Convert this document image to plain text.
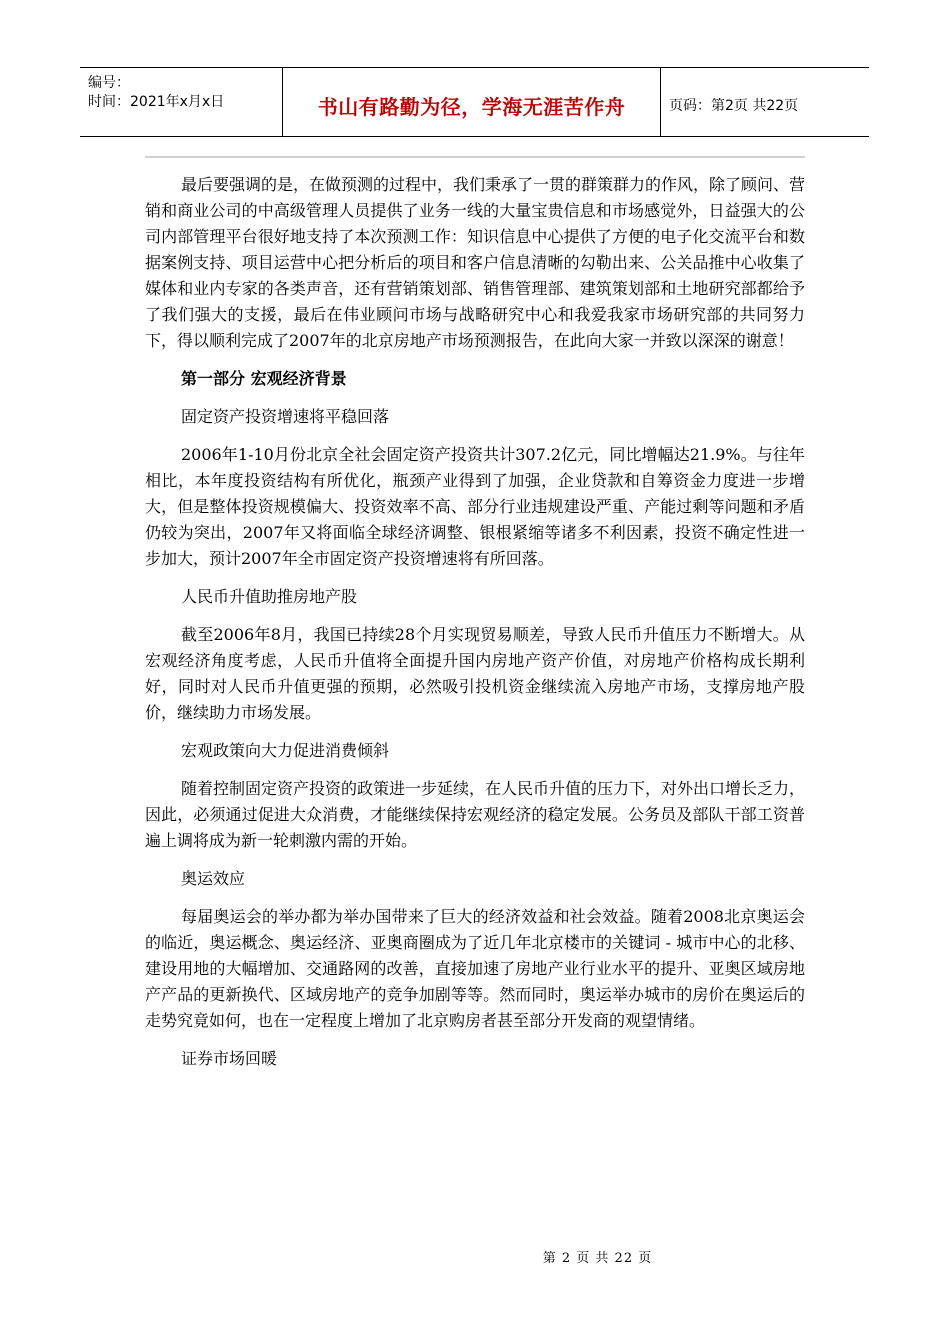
编号：
时间：2021年x月x日	书山有路勤为径，学海无涯苦作舟	页码：第2页 共22页

最后要强调的是，在做预测的过程中，我们秉承了一贯的群策群力的作风，除了顾问、营销和商业公司的中高级管理人员提供了业务一线的大量宝贵信息和市场感觉外，日益强大的公司内部管理平台很好地支持了本次预测工作：知识信息中心提供了方便的电子化交流平台和数据案例支持、项目运营中心把分析后的项目和客户信息清晰的勾勒出来、公关品推中心收集了媒体和业内专家的各类声音，还有营销策划部、销售管理部、建筑策划部和土地研究部都给予了我们强大的支援，最后在伟业顾问市场与战略研究中心和我爱我家市场研究部的共同努力下，得以顺利完成了2007年的北京房地产市场预测报告，在此向大家一并致以深深的谢意！

第一部分 宏观经济背景

固定资产投资增速将平稳回落

2006年1-10月份北京全社会固定资产投资共计307.2亿元，同比增幅达21.9%。与往年相比，本年度投资结构有所优化，瓶颈产业得到了加强，企业贷款和自筹资金力度进一步增大，但是整体投资规模偏大、投资效率不高、部分行业违规建设严重、产能过剩等问题和矛盾仍较为突出，2007年又将面临全球经济调整、银根紧缩等诸多不利因素，投资不确定性进一步加大，预计2007年全市固定资产投资增速将有所回落。

人民币升值助推房地产股

截至2006年8月，我国已持续28个月实现贸易顺差，导致人民币升值压力不断增大。从宏观经济角度考虑，人民币升值将全面提升国内房地产资产价值，对房地产价格构成长期利好，同时对人民币升值更强的预期，必然吸引投机资金继续流入房地产市场，支撑房地产股价，继续助力市场发展。

宏观政策向大力促进消费倾斜

随着控制固定资产投资的政策进一步延续，在人民币升值的压力下，对外出口增长乏力，因此，必须通过促进大众消费，才能继续保持宏观经济的稳定发展。公务员及部队干部工资普遍上调将成为新一轮刺激内需的开始。

奥运效应

每届奥运会的举办都为举办国带来了巨大的经济效益和社会效益。随着2008北京奥运会的临近，奥运概念、奥运经济、亚奥商圈成为了近几年北京楼市的关键词 - 城市中心的北移、建设用地的大幅增加、交通路网的改善，直接加速了房地产业行业水平的提升、亚奥区域房地产产品的更新换代、区域房地产的竞争加剧等等。然而同时，奥运举办城市的房价在奥运后的走势究竟如何，也在一定程度上增加了北京购房者甚至部分开发商的观望情绪。

证券市场回暖

第 2 页 共 22 页
